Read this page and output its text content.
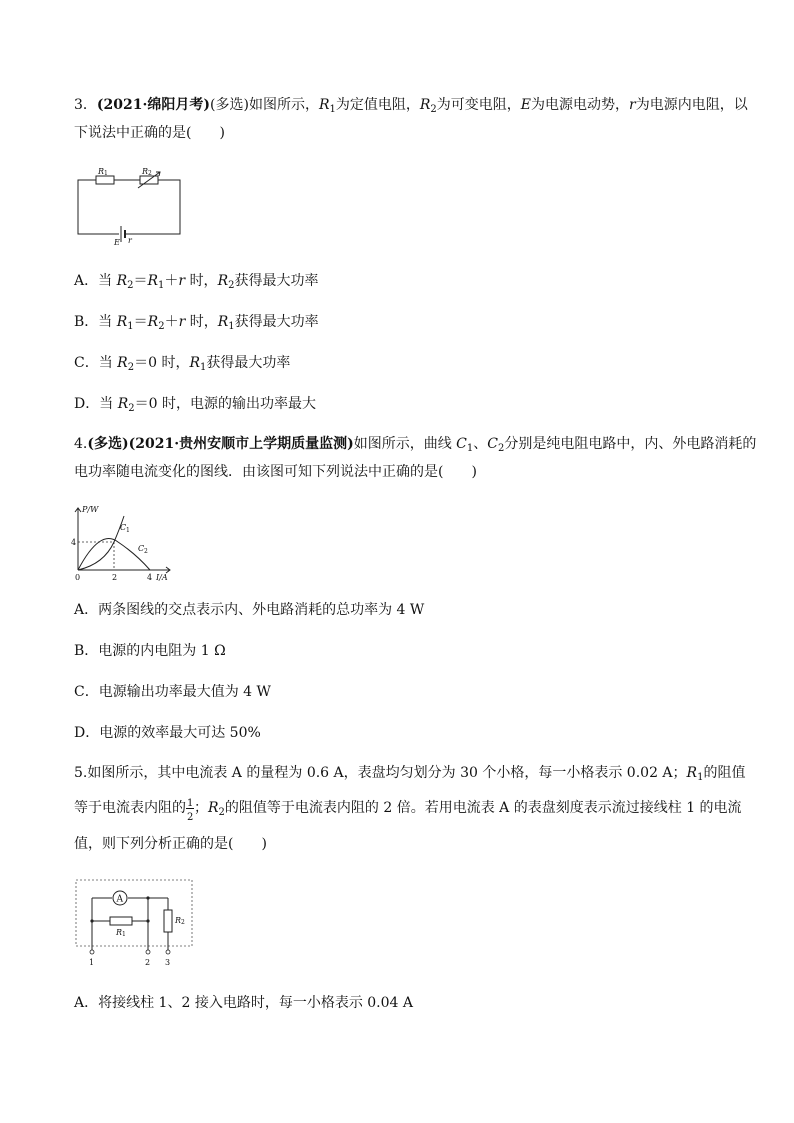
3．(2021·绵阳月考)(多选)如图所示，$R_1$为定值电阻，$R_2$为可变电阻，E为电源电动势，r为电源内电阻，以
下说法中正确的是(　　)
R 1	R 2
E r
A．当 $R_2=R_1+r$ 时，$R_2$获得最大功率
B．当 $R_1=R_2+r$ 时，$R_1$获得最大功率
C．当 $R_2=0$ 时，$R_1$获得最大功率
D．当 $R_2=0$ 时，电源的输出功率最大
4.(多选)(2021·贵州安顺市上学期质量监测)如图所示，曲线 $C_1$、$C_2$分别是纯电阻电路中，内、外电路消耗的
电功率随电流变化的图线．由该图可知下列说法中正确的是(　　)
P/W
I/A
4
0	2	4
C 1
C 2
A．两条图线的交点表示内、外电路消耗的总功率为 4 W
B．电源的内电阻为 1 Ω
C．电源输出功率最大值为 4 W
D．电源的效率最大可达 50%
5.如图所示，其中电流表 A 的量程为 0.6 A，表盘均匀划分为 30 个小格，每一小格表示 0.02 A；$R_1$的阻值
等于电流表内阻的 $\frac{1}{2}$ ；$R_2$的阻值等于电流表内阻的 2 倍。若用电流表 A 的表盘刻度表示流过接线柱 1 的电流
值，则下列分析正确的是(　　)
A
R 1
R 2
1	2 3
A．将接线柱 1、2 接入电路时，每一小格表示 0.04 A
